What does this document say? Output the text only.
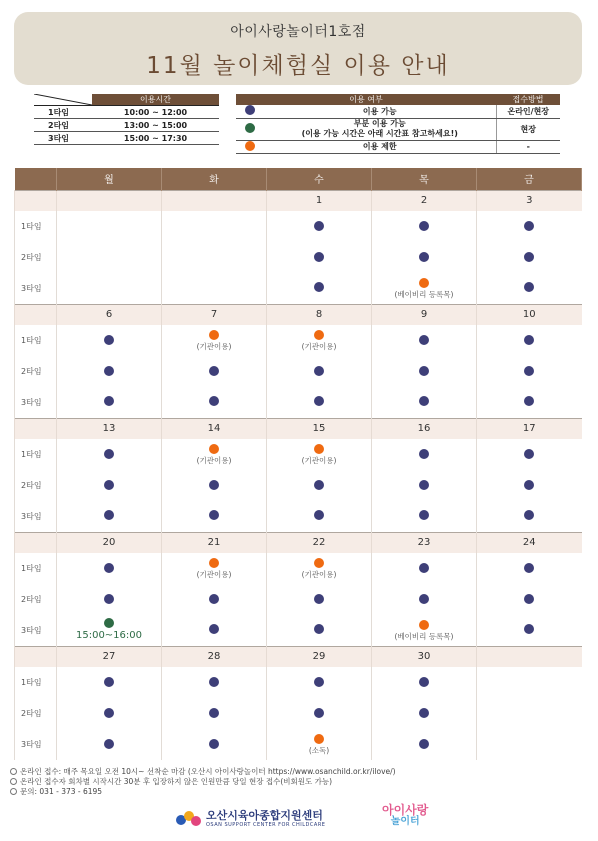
아이사랑놀이터1호점
11월 놀이체험실 이용 안내
	이용시간
1타임	10:00 ~ 12:00
2타임	13:00 ~ 15:00
3타임	15:00 ~ 17:30
이용 여부		접수방법
	이용 가능	온라인/현장
	부분 이용 가능
(이용 가능 시간은 아래 시간표 참고하세요!)	현장
	이용 제한	-
	월	화	수	목	금
			1	2	3
1타임					
2타임					
3타임				(베이비리 등록목)	

	6	7	8	9	10
1타임		(기관이용)	(기관이용)		

2타임					
3타임					
	13	14	15	16	17
1타임		(기관이용)	(기관이용)		

2타임					
3타임					
	20	21	22	23	24
1타임		(기관이용)	(기관이용)		

2타임					
3타임	15:00~16:00			(베이비리 등록목)	

	27	28	29	30	
1타임					
2타임					
3타임			(소독)		

온라인 접수: 매주 목요일 오전 10시~ 선착순 마감 (오산시 아이사랑놀이터 https://www.osanchild.or.kr/ilove/)
온라인 접수자 회차별 시작시간 30분 후 입장하지 않은 인원만큼 당일 현장 접수(비회원도 가능)
문의: 031 - 373 - 6195
오산시육아종합지원센터
OSAN SUPPORT CENTER FOR CHILDCARE
아이사랑
놀이터
